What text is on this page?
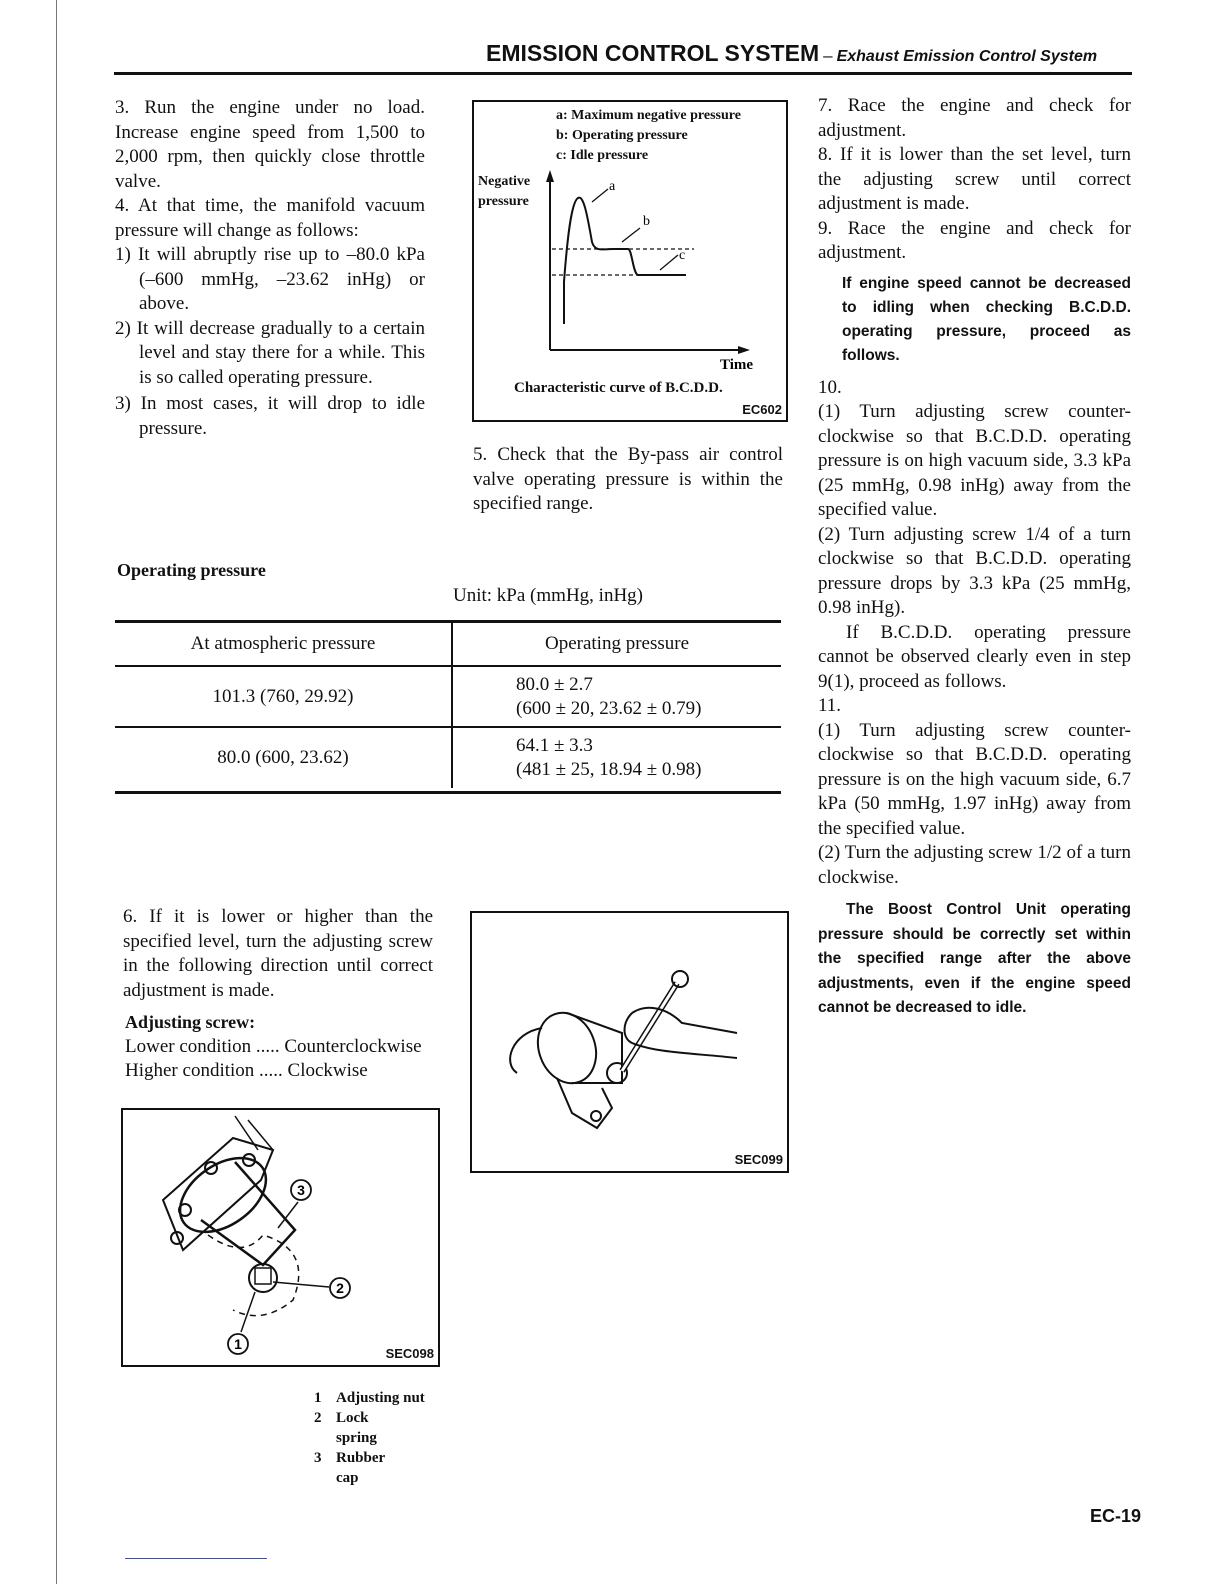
EMISSION CONTROL SYSTEM – Exhaust Emission Control System

3. Run the engine under no load. Increase engine speed from 1,500 to 2,000 rpm, then quickly close throttle valve.

4. At that time, the manifold vacuum pressure will change as follows:

1) It will abruptly rise up to –80.0 kPa (–600 mmHg, –23.62 inHg) or above.

2) It will decrease gradually to a certain level and stay there for a while. This is so called operating pressure.

3) In most cases, it will drop to idle pressure.

Operating pressure
a: Maximum negative pressure
b: Operating pressure
c: Idle pressure
Negative
pressure
a
b
c
Time
Characteristic curve of B.C.D.D.
EC602
5. Check that the By-pass air control valve operating pressure is within the specified range.
Unit: kPa (mmHg, inHg)
At atmospheric pressure	Operating pressure
101.3 (760, 29.92)	80.0 ± 2.7
(600 ± 20, 23.62 ± 0.79)

80.0 (600, 23.62)	64.1 ± 3.3
(481 ± 25, 18.94 ± 0.98)
6. If it is lower or higher than the specified level, turn the adjusting screw in the following direction until correct adjustment is made.
Adjusting screw:
Lower condition ..... Counterclockwise
Higher condition ..... Clockwise
3
2
1
SEC098
SEC099
1 Adjusting nut
2 Lock spring
3 Rubber cap

7. Race the engine and check for adjustment.

8. If it is lower than the set level, turn the adjusting screw until correct adjustment is made.

9. Race the engine and check for adjustment.

If engine speed cannot be decreased to idling when checking B.C.D.D. operating pressure, proceed as follows.

10.

(1) Turn adjusting screw counter-clockwise so that B.C.D.D. operating pressure is on high vacuum side, 3.3 kPa (25 mmHg, 0.98 inHg) away from the specified value.

(2) Turn adjusting screw 1/4 of a turn clockwise so that B.C.D.D. operating pressure drops by 3.3 kPa (25 mmHg, 0.98 inHg).

If B.C.D.D. operating pressure cannot be observed clearly even in step 9(1), proceed as follows.

11.

(1) Turn adjusting screw counter-clockwise so that B.C.D.D. operating pressure is on the high vacuum side, 6.7 kPa (50 mmHg, 1.97 inHg) away from the specified value.

(2) Turn the adjusting screw 1/2 of a turn clockwise.

The Boost Control Unit operating pressure should be correctly set within the specified range after the above adjustments, even if the engine speed cannot be decreased to idle.

EC-19
